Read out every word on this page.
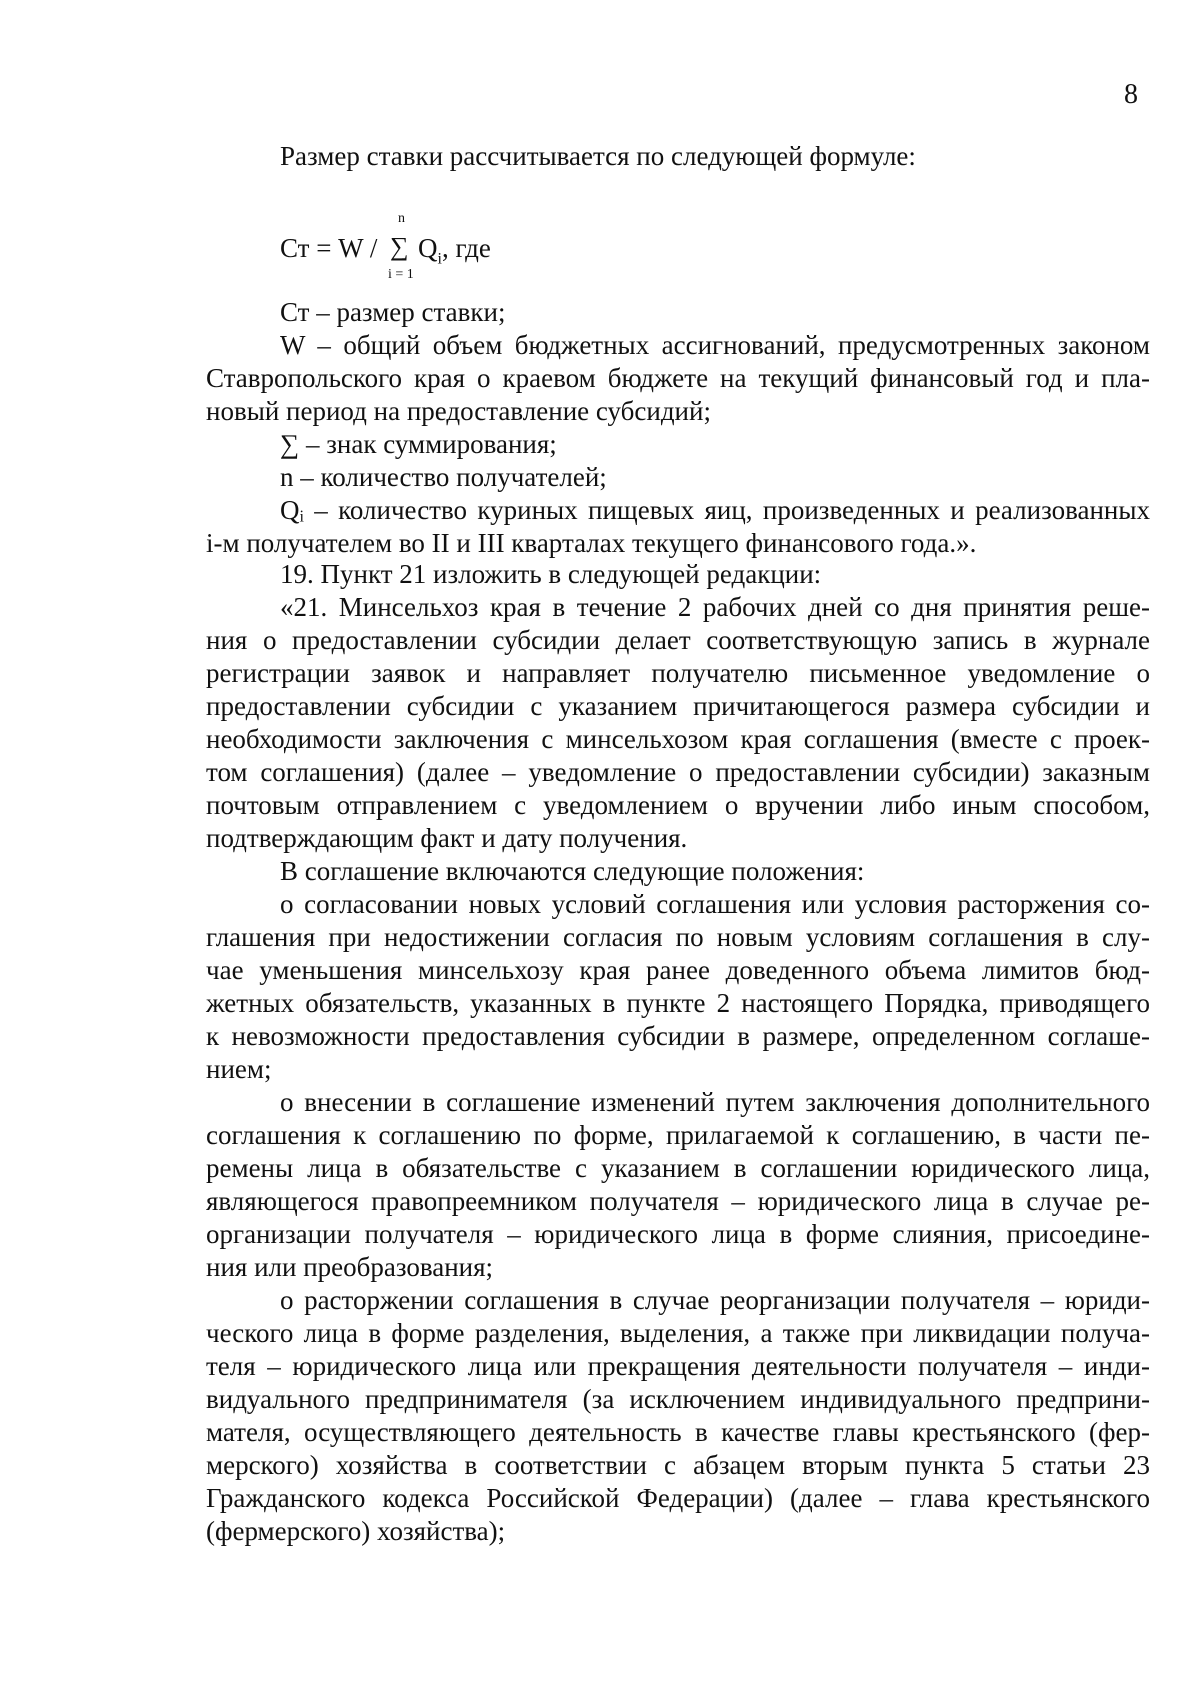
8
Размер ставки рассчитывается по следующей формуле:
Ст = W /
n
∑
i = 1
$Q_i$, где
Ст – размер ставки;
W – общий объем бюджетных ассигнований, предусмотренных законом
Ставропольского края о краевом бюджете на текущий финансовый год и пла-
новый период на предоставление субсидий;
∑ – знак суммирования;
n – количество получателей;
Qᵢ – количество куриных пищевых яиц, произведенных и реализованных
i-м получателем во II и III кварталах текущего финансового года.».
19. Пункт 21 изложить в следующей редакции:
«21. Минсельхоз края в течение 2 рабочих дней со дня принятия реше-
ния о предоставлении субсидии делает соответствующую запись в журнале
регистрации заявок и направляет получателю письменное уведомление о
предоставлении субсидии с указанием причитающегося размера субсидии и
необходимости заключения с минсельхозом края соглашения (вместе с проек-
том соглашения) (далее – уведомление о предоставлении субсидии) заказным
почтовым отправлением с уведомлением о вручении либо иным способом,
подтверждающим факт и дату получения.
В соглашение включаются следующие положения:
о согласовании новых условий соглашения или условия расторжения со-
глашения при недостижении согласия по новым условиям соглашения в слу-
чае уменьшения минсельхозу края ранее доведенного объема лимитов бюд-
жетных обязательств, указанных в пункте 2 настоящего Порядка, приводящего
к невозможности предоставления субсидии в размере, определенном соглаше-
нием;
о внесении в соглашение изменений путем заключения дополнительного
соглашения к соглашению по форме, прилагаемой к соглашению, в части пе-
ремены лица в обязательстве с указанием в соглашении юридического лица,
являющегося правопреемником получателя – юридического лица в случае ре-
организации получателя – юридического лица в форме слияния, присоедине-
ния или преобразования;
о расторжении соглашения в случае реорганизации получателя – юриди-
ческого лица в форме разделения, выделения, а также при ликвидации получа-
теля – юридического лица или прекращения деятельности получателя – инди-
видуального предпринимателя (за исключением индивидуального предприни-
мателя, осуществляющего деятельность в качестве главы крестьянского (фер-
мерского) хозяйства в соответствии с абзацем вторым пункта 5 статьи 23
Гражданского кодекса Российской Федерации) (далее – глава крестьянского
(фермерского) хозяйства);
